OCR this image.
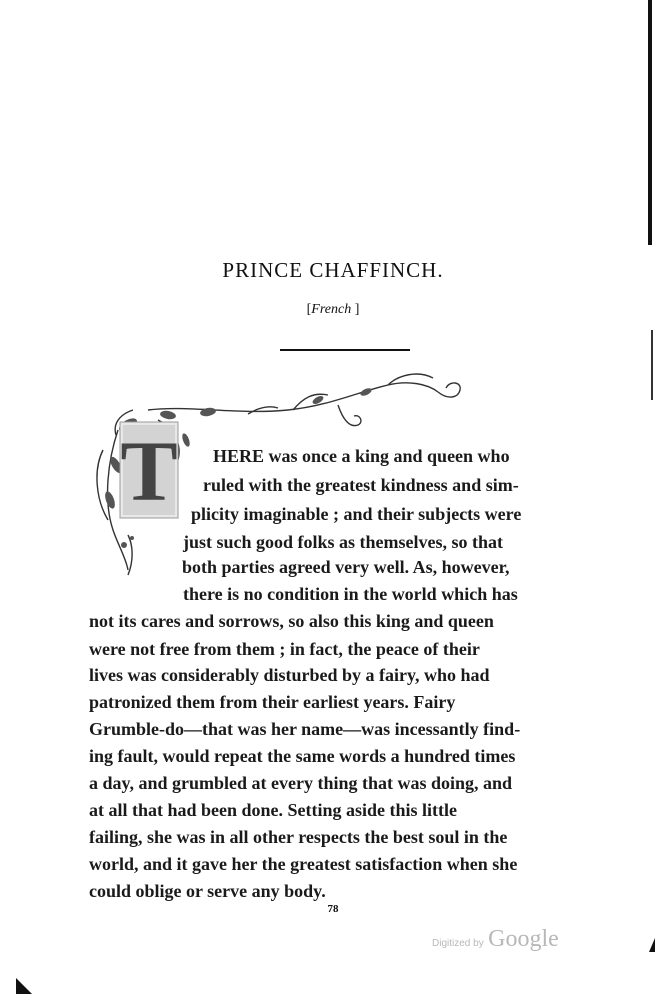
PRINCE CHAFFINCH.
[French ]
T HERE was once a king and queen who
ruled with the greatest kindness and sim-
plicity imaginable ; and their subjects were
just such good folks as themselves, so that
both parties agreed very well. As, however,
there is no condition in the world which has
not its cares and sorrows, so also this king and queen
were not free from them ; in fact, the peace of their
lives was considerably disturbed by a fairy, who had
patronized them from their earliest years. Fairy
Grumble-do—that was her name—was incessantly find-
ing fault, would repeat the same words a hundred times
a day, and grumbled at every thing that was doing, and
at all that had been done. Setting aside this little
failing, she was in all other respects the best soul in the
world, and it gave her the greatest satisfaction when she
could oblige or serve any body.
78
Digitized by Google
